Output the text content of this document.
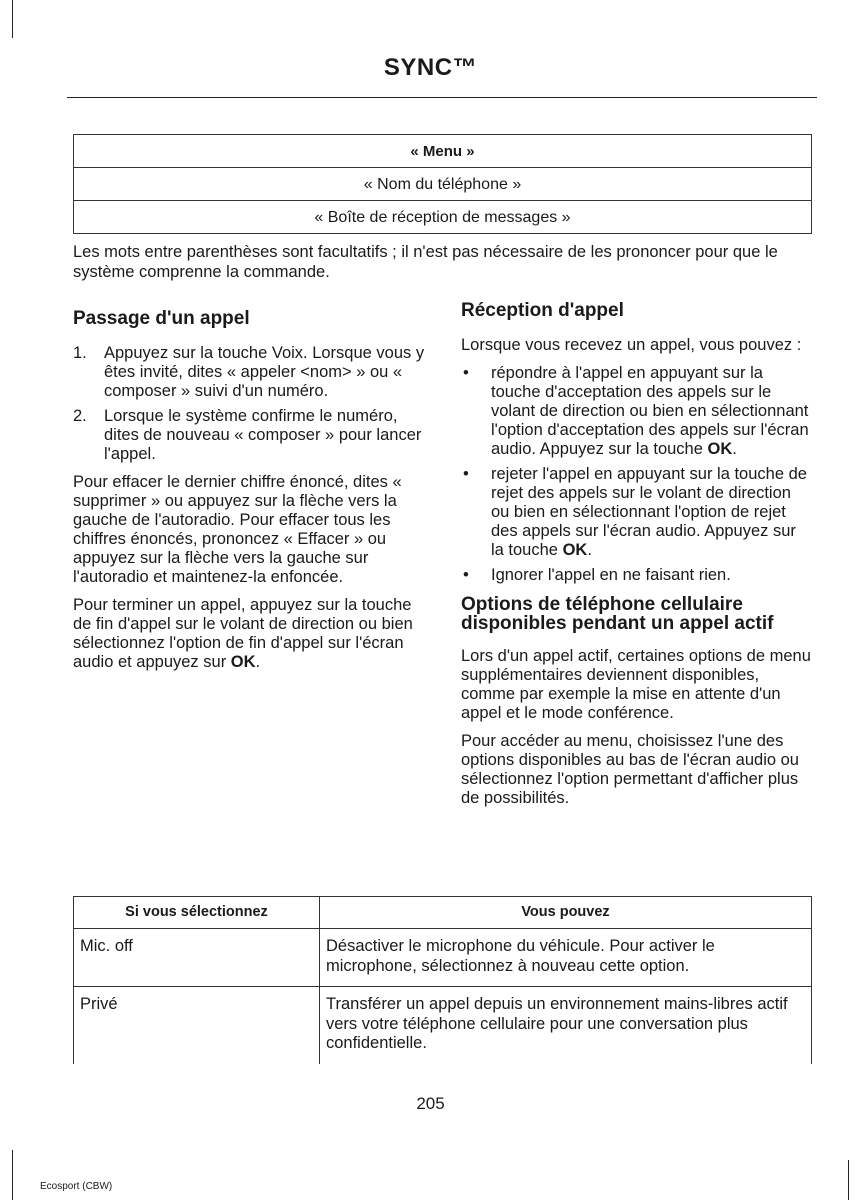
SYNC™
« Menu »
« Nom du téléphone »
« Boîte de réception de messages »
Les mots entre parenthèses sont facultatifs ; il n'est pas nécessaire de les prononcer pour que le système comprenne la commande.
Passage d'un appel
1. Appuyez sur la touche Voix. Lorsque vous y êtes invité, dites « appeler <nom> » ou « composer » suivi d'un numéro.
2. Lorsque le système confirme le numéro, dites de nouveau « composer » pour lancer l'appel.

Pour effacer le dernier chiffre énoncé, dites « supprimer » ou appuyez sur la flèche vers la gauche de l'autoradio. Pour effacer tous les chiffres énoncés, prononcez « Effacer » ou appuyez sur la flèche vers la gauche sur l'autoradio et maintenez-la enfoncée.

Pour terminer un appel, appuyez sur la touche de fin d'appel sur le volant de direction ou bien sélectionnez l'option de fin d'appel sur l'écran audio et appuyez sur OK.

Réception d'appel

Lorsque vous recevez un appel, vous pouvez :

• répondre à l'appel en appuyant sur la touche d'acceptation des appels sur le volant de direction ou bien en sélectionnant l'option d'acceptation des appels sur l'écran audio. Appuyez sur la touche OK.
• rejeter l'appel en appuyant sur la touche de rejet des appels sur le volant de direction ou bien en sélectionnant l'option de rejet des appels sur l'écran audio. Appuyez sur la touche OK.
• Ignorer l'appel en ne faisant rien.
Options de téléphone cellulaire disponibles pendant un appel actif

Lors d'un appel actif, certaines options de menu supplémentaires deviennent disponibles, comme par exemple la mise en attente d'un appel et le mode conférence.

Pour accéder au menu, choisissez l'une des options disponibles au bas de l'écran audio ou sélectionnez l'option permettant d'afficher plus de possibilités.

Si vous sélectionnez	Vous pouvez
Mic. off	Désactiver le microphone du véhicule. Pour activer le microphone, sélectionnez à nouveau cette option.
Privé	Transférer un appel depuis un environnement mains-libres actif vers votre téléphone cellulaire pour une conversation plus confidentielle.
205
Ecosport (CBW)
